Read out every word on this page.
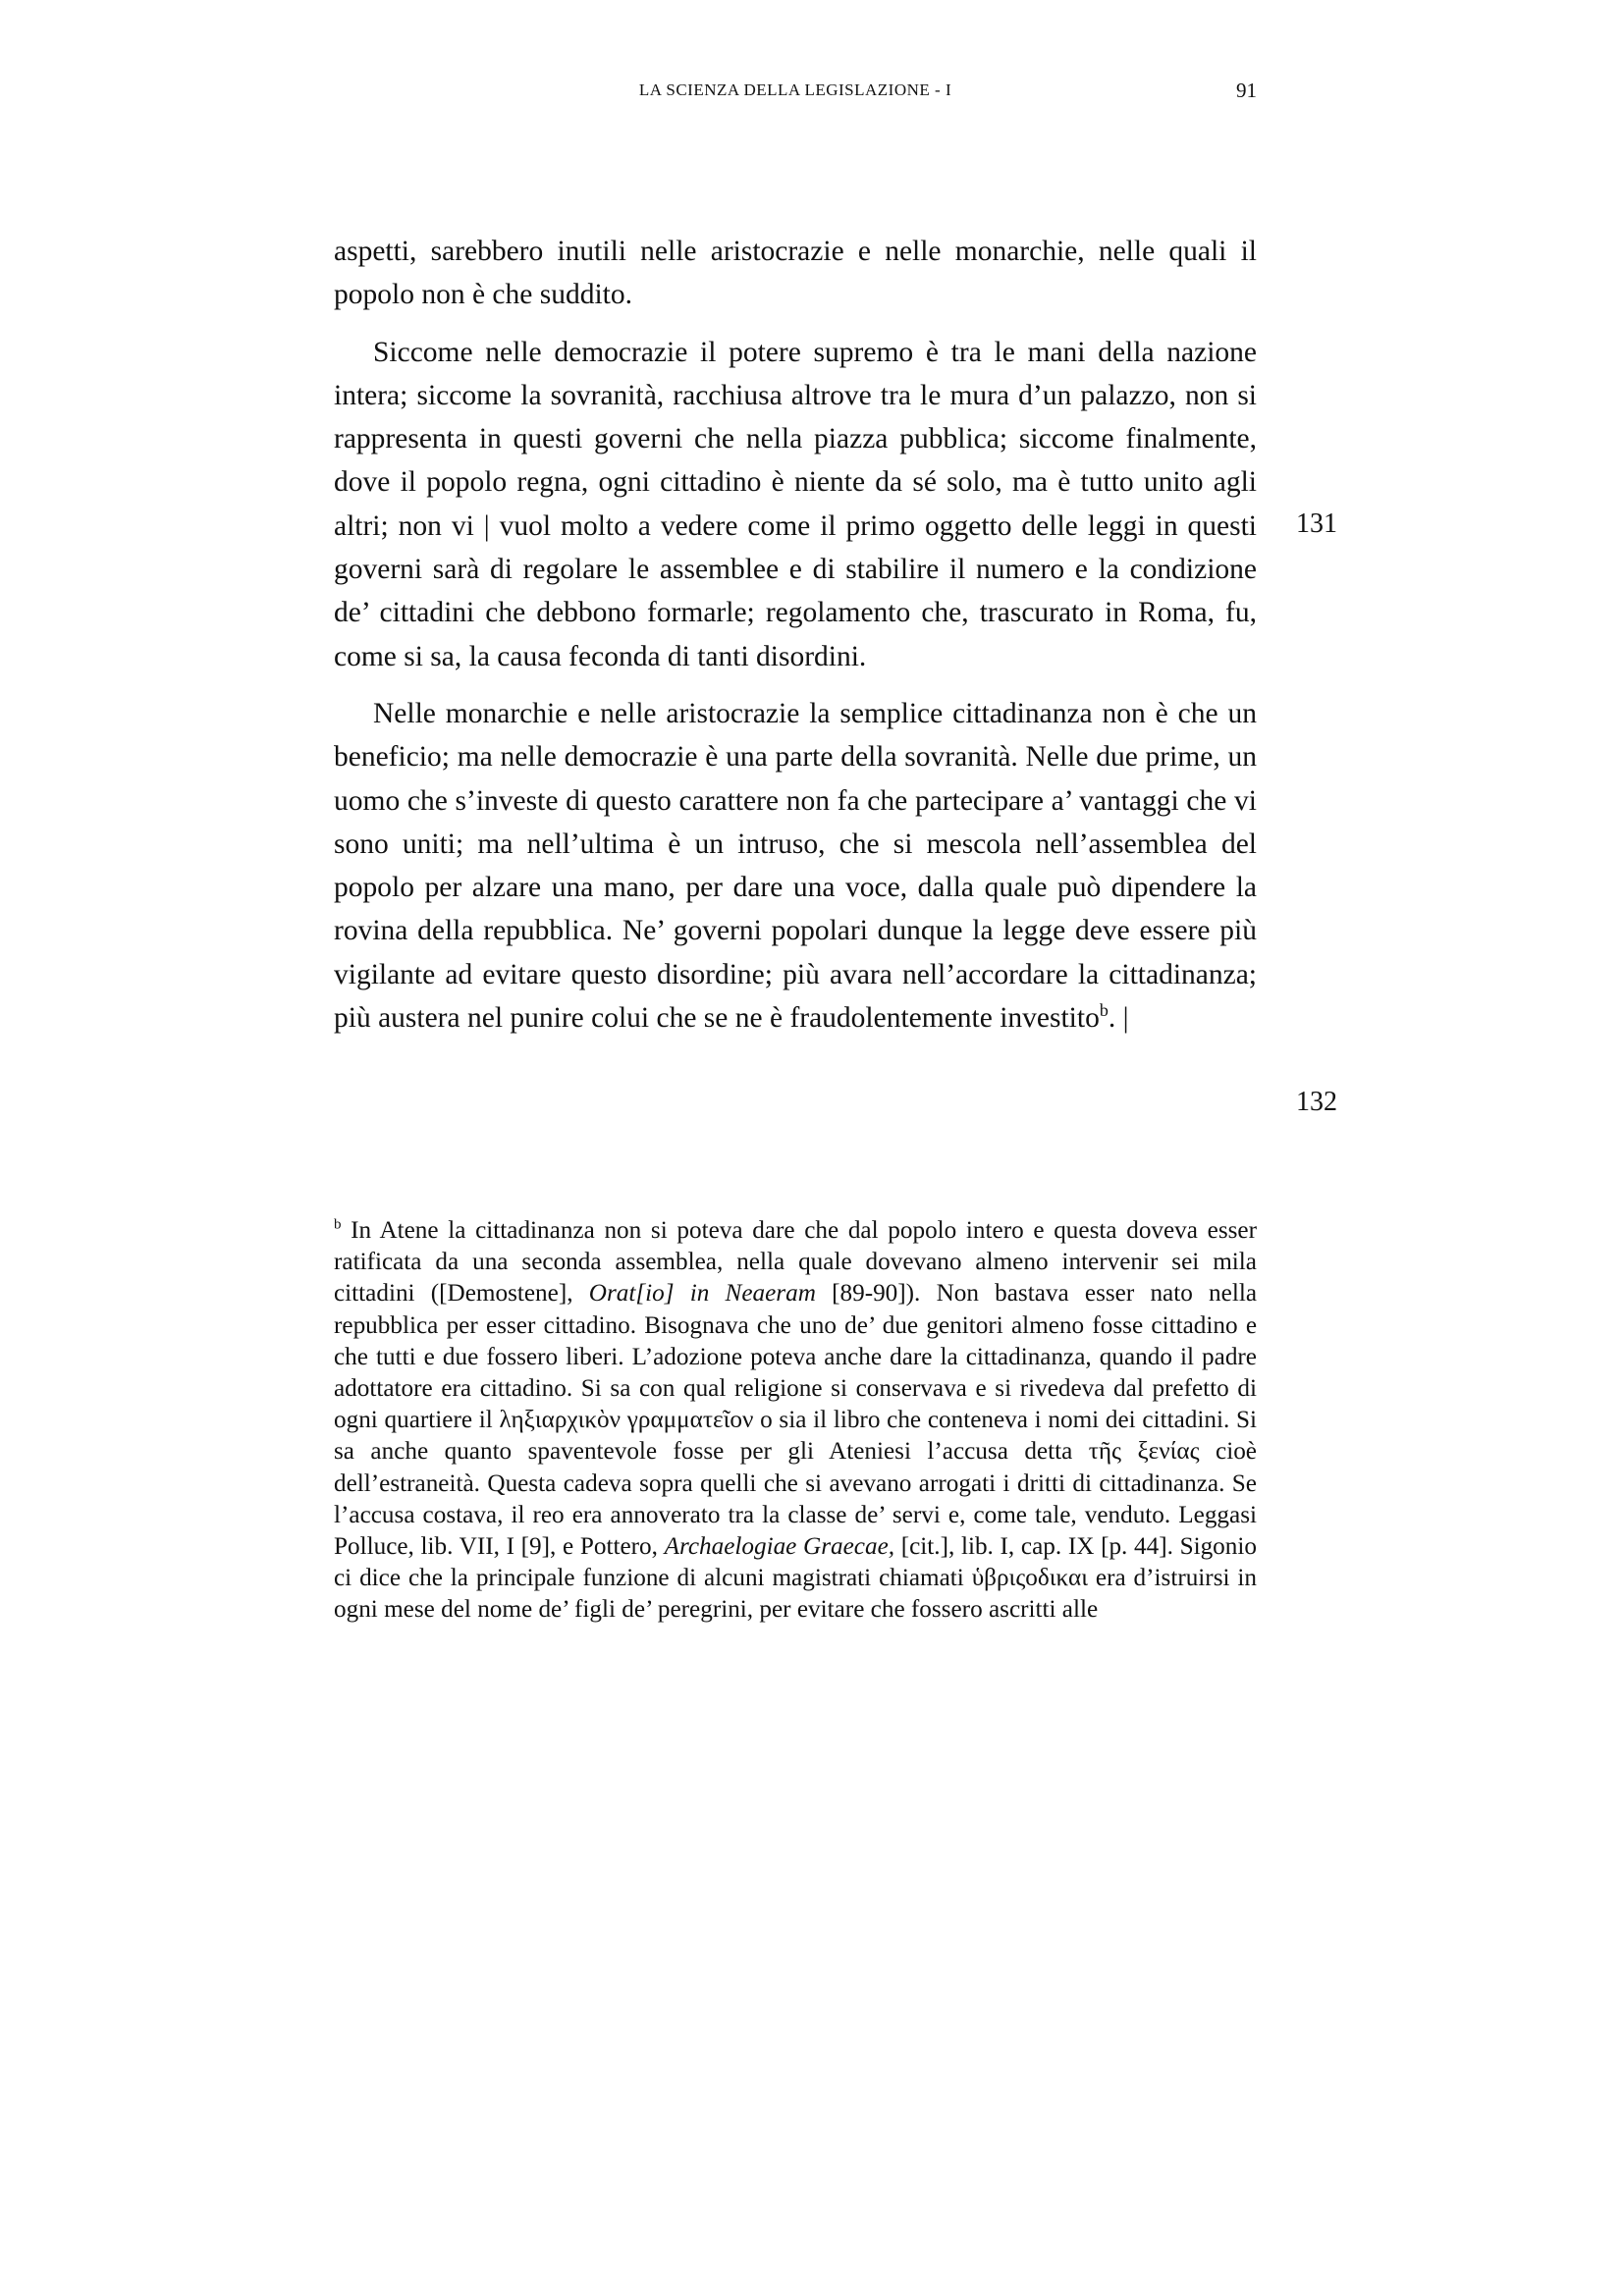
LA SCIENZA DELLA LEGISLAZIONE - I	91

aspetti, sarebbero inutili nelle aristocrazie e nelle monarchie, nelle quali il popolo non è che suddito.

Siccome nelle democrazie il potere supremo è tra le mani della nazione intera; siccome la sovranità, racchiusa altrove tra le mura d’un palazzo, non si rappresenta in questi governi che nella piazza pubblica; siccome finalmente, dove il popolo regna, ogni cittadino è niente da sé solo, ma è tutto unito agli altri; non vi | vuol molto a vedere come il primo oggetto delle leggi in questi governi sarà di regolare le assemblee e di stabilire il numero e la condizione de’ cittadini che debbono formarle; regolamento che, trascurato in Roma, fu, come si sa, la causa feconda di tanti disordini.

Nelle monarchie e nelle aristocrazie la semplice cittadinanza non è che un beneficio; ma nelle democrazie è una parte della sovranità. Nelle due prime, un uomo che s’investe di questo carattere non fa che partecipare a’ vantaggi che vi sono uniti; ma nell’ultima è un intruso, che si mescola nell’assemblea del popolo per alzare una mano, per dare una voce, dalla quale può dipendere la rovina della repubblica. Ne’ governi popolari dunque la legge deve essere più vigilante ad evitare questo disordine; più avara nell’accordare la cittadinanza; più austera nel punire colui che se ne è fraudolentemente investito$^b$. |

131
132

$^b$ In Atene la cittadinanza non si poteva dare che dal popolo intero e questa doveva esser ratificata da una seconda assemblea, nella quale dovevano almeno intervenir sei mila cittadini ([Demostene], Orat[io] in Neaeram [89-90]). Non bastava esser nato nella repubblica per esser cittadino. Bisognava che uno de’ due genitori almeno fosse cittadino e che tutti e due fossero liberi. L’adozione poteva anche dare la cittadinanza, quando il padre adottatore era cittadino. Si sa con qual religione si conservava e si rivedeva dal prefetto di ogni quartiere il ληξιαρχικὸν γραμματεῖον o sia il libro che conteneva i nomi dei cittadini. Si sa anche quanto spaventevole fosse per gli Ateniesi l’accusa detta τῆς ξενίας cioè dell’estraneità. Questa cadeva sopra quelli che si avevano arrogati i dritti di cittadinanza. Se l’accusa costava, il reo era annoverato tra la classe de’ servi e, come tale, venduto. Leggasi Polluce, lib. VII, I [9], e Pottero, Archaelogiae Graecae, [cit.], lib. I, cap. IX [p. 44]. Sigonio ci dice che la principale funzione di alcuni magistrati chiamati ὑβριςοδικαι era d’istruirsi in ogni mese del nome de’ figli de’ peregrini, per evitare che fossero ascritti alle
